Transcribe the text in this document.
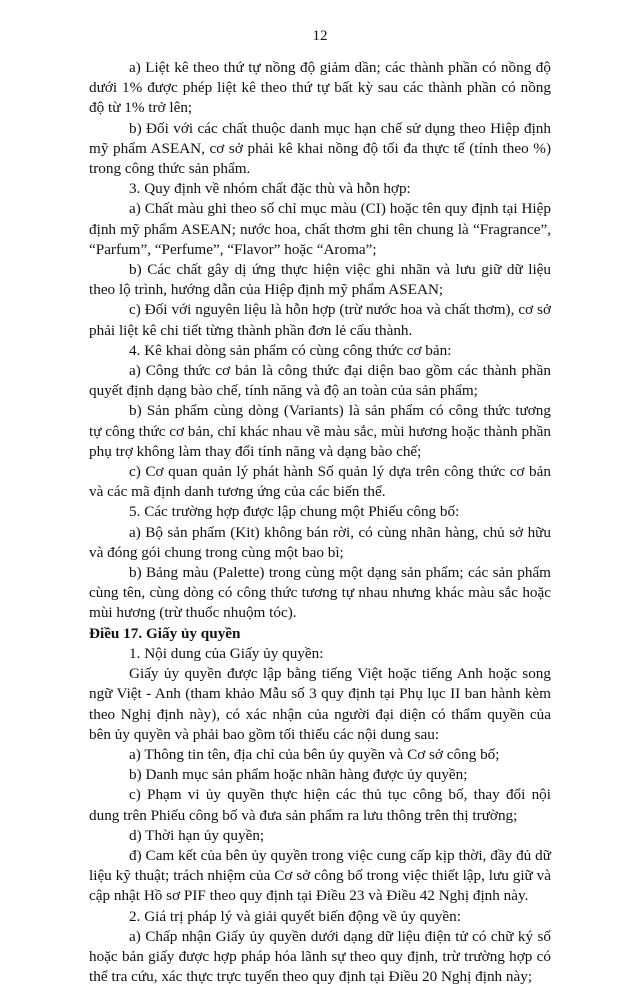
12

a) Liệt kê theo thứ tự nồng độ giảm dần; các thành phần có nồng độ dưới 1% được phép liệt kê theo thứ tự bất kỳ sau các thành phần có nồng độ từ 1% trở lên;

b) Đối với các chất thuộc danh mục hạn chế sử dụng theo Hiệp định mỹ phẩm ASEAN, cơ sở phải kê khai nồng độ tối đa thực tế (tính theo %) trong công thức sản phẩm.

3. Quy định về nhóm chất đặc thù và hỗn hợp:

a) Chất màu ghi theo số chỉ mục màu (CI) hoặc tên quy định tại Hiệp định mỹ phẩm ASEAN; nước hoa, chất thơm ghi tên chung là “Fragrance”, “Parfum”, “Perfume”, “Flavor” hoặc “Aroma”;

b) Các chất gây dị ứng thực hiện việc ghi nhãn và lưu giữ dữ liệu theo lộ trình, hướng dẫn của Hiệp định mỹ phẩm ASEAN;

c) Đối với nguyên liệu là hỗn hợp (trừ nước hoa và chất thơm), cơ sở phải liệt kê chi tiết từng thành phần đơn lẻ cấu thành.

4. Kê khai dòng sản phẩm có cùng công thức cơ bản:

a) Công thức cơ bản là công thức đại diện bao gồm các thành phần quyết định dạng bào chế, tính năng và độ an toàn của sản phẩm;

b) Sản phẩm cùng dòng (Variants) là sản phẩm có công thức tương tự công thức cơ bản, chỉ khác nhau về màu sắc, mùi hương hoặc thành phần phụ trợ không làm thay đổi tính năng và dạng bào chế;

c) Cơ quan quản lý phát hành Số quản lý dựa trên công thức cơ bản và các mã định danh tương ứng của các biến thể.

5. Các trường hợp được lập chung một Phiếu công bố:

a) Bộ sản phẩm (Kit) không bán rời, có cùng nhãn hàng, chủ sở hữu và đóng gói chung trong cùng một bao bì;

b) Bảng màu (Palette) trong cùng một dạng sản phẩm; các sản phẩm cùng tên, cùng dòng có công thức tương tự nhau nhưng khác màu sắc hoặc mùi hương (trừ thuốc nhuộm tóc).

Điều 17. Giấy ủy quyền

1. Nội dung của Giấy ủy quyền:

Giấy ủy quyền được lập bằng tiếng Việt hoặc tiếng Anh hoặc song ngữ Việt - Anh (tham khảo Mẫu số 3 quy định tại Phụ lục II ban hành kèm theo Nghị định này), có xác nhận của người đại diện có thẩm quyền của bên ủy quyền và phải bao gồm tối thiểu các nội dung sau:

a) Thông tin tên, địa chỉ của bên ủy quyền và Cơ sở công bố;

b) Danh mục sản phẩm hoặc nhãn hàng được ủy quyền;

c) Phạm vi ủy quyền thực hiện các thủ tục công bố, thay đổi nội dung trên Phiếu công bố và đưa sản phẩm ra lưu thông trên thị trường;

d) Thời hạn ủy quyền;

đ) Cam kết của bên ủy quyền trong việc cung cấp kịp thời, đầy đủ dữ liệu kỹ thuật; trách nhiệm của Cơ sở công bố trong việc thiết lập, lưu giữ và cập nhật Hồ sơ PIF theo quy định tại Điều 23 và Điều 42 Nghị định này.

2. Giá trị pháp lý và giải quyết biến động về ủy quyền:

a) Chấp nhận Giấy ủy quyền dưới dạng dữ liệu điện tử có chữ ký số hoặc bản giấy được hợp pháp hóa lãnh sự theo quy định, trừ trường hợp có thể tra cứu, xác thực trực tuyến theo quy định tại Điều 20 Nghị định này;
